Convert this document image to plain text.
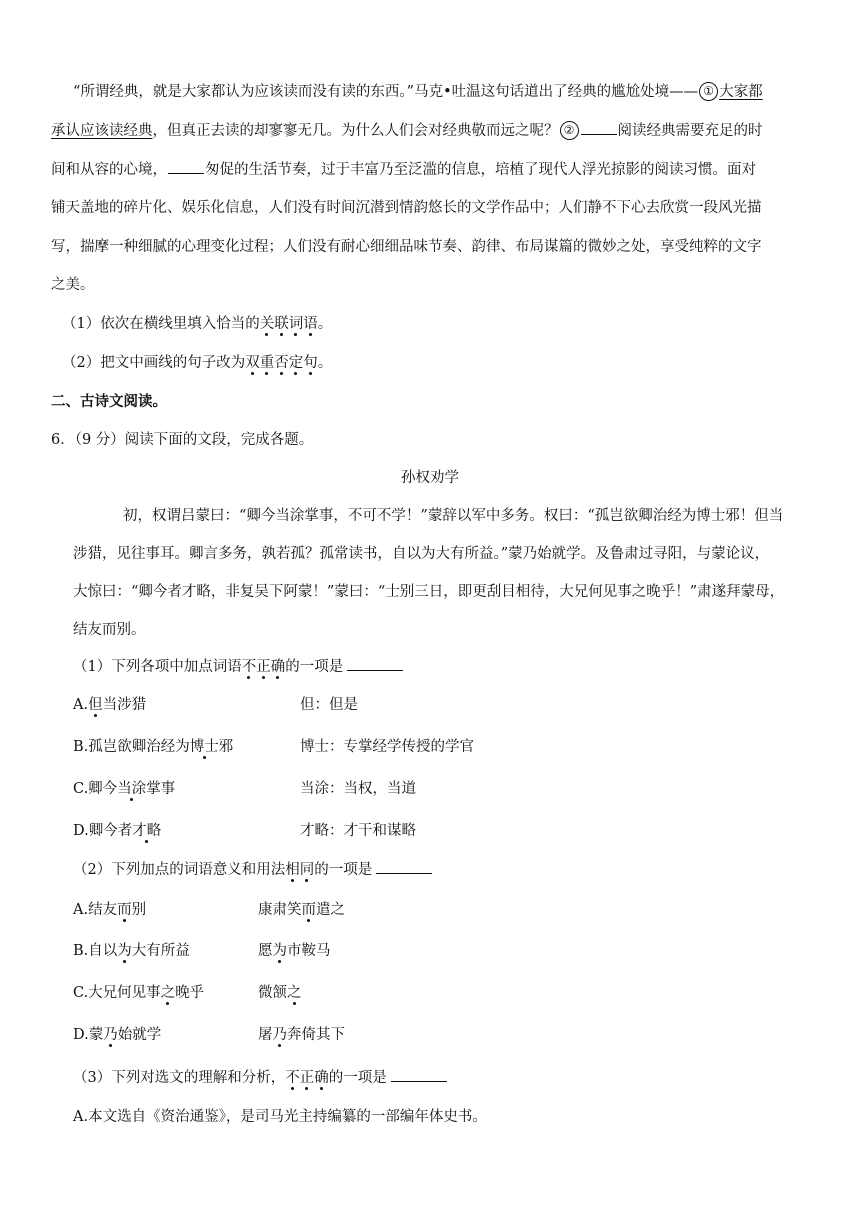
“所谓经典，就是大家都认为应该读而没有读的东西。”马克•吐温这句话道出了经典的尴尬处境—— ① 大家都
承认应该读经典，但真正去读的却寥寥无几。为什么人们会对经典敬而远之呢？ ②	阅读经典需要充足的时
间和从容的心境，	匆促的生活节奏，过于丰富乃至泛滥的信息，培植了现代人浮光掠影的阅读习惯。面对
铺天盖地的碎片化、娱乐化信息，人们没有时间沉潜到情韵悠长的文学作品中；人们静不下心去欣赏一段风光描
写，揣摩一种细腻的心理变化过程；人们没有耐心细细品味节奏、韵律、布局谋篇的微妙之处，享受纯粹的文字
之美。
（1）依次在横线里填入恰当的关联词语。
（2）把文中画线的句子改为双重否定句。
二、古诗文阅读。
6．（9 分）阅读下面的文段，完成各题。
孙权劝学
初，权谓吕蒙曰：“卿今当涂掌事，不可不学！”蒙辞以军中多务。权曰：“孤岂欲卿治经为博士邪！但当
涉猎，见往事耳。卿言多务，孰若孤？孤常读书，自以为大有所益。”蒙乃始就学。及鲁肃过寻阳，与蒙论议，
大惊曰：“卿今者才略，非复吴下阿蒙！”蒙曰：“士别三日，即更刮目相待，大兄何见事之晚乎！”肃遂拜蒙母，
结友而别。
（1）下列各项中加点词语不正确的一项是
A.但当涉猎	但：但是
B.孤岂欲卿治经为博士邪	博士：专掌经学传授的学官
C.卿今当涂掌事	当涂：当权，当道
D.卿今者才略	才略：才干和谋略
（2）下列加点的词语意义和用法相同的一项是
A.结友而别	康肃笑而遣之
B.自以为大有所益	愿为市鞍马
C.大兄何见事之晚乎	微颔之
D.蒙乃始就学	屠乃奔倚其下
（3）下列对选文的理解和分析，不正确的一项是
A.本文选自《资治通鉴》，是司马光主持编纂的一部编年体史书。
